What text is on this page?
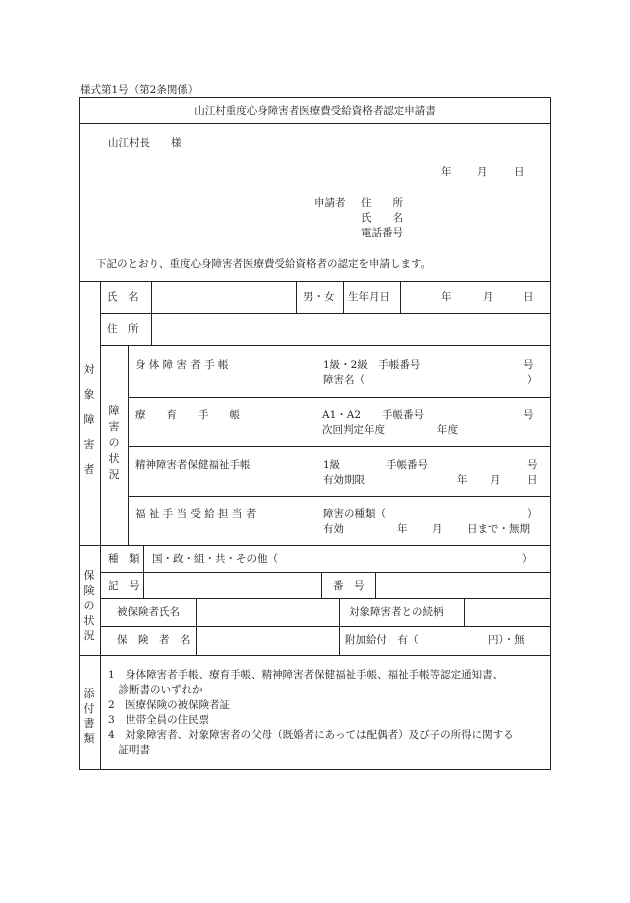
様式第1号（第2条関係）
山江村重度心身障害者医療費受給資格者認定申請書
山江村長　　様
年 月	日
申請者 住　　所
氏　　名
電話番号
下記のとおり、重度心身障害者医療費受給資格者の認定を申請します。
対象障害者
氏　名	男・女 生年月日	年	月	日
住　所
障害の状況
身 体 障 害 者 手 帳	1級・2級　手帳番号	号
障害名（	）
療　　育　　手　　帳	A1・A2　　手帳番号	号
次回判定年度	年度
精神障害者保健福祉手帳	1級	手帳番号	号
有効期限	年 月	日
福 祉 手 当 受 給 担 当 者	障害の種類（	）
有効	年 月 日まで・無期
保険の状況
種　類 国・政・組・共・その他（	）
記　号	番　号
被保険者氏名	対象障害者との続柄
保　険　者　名	附加給付　有（	円）・無
添付書類
1　身体障害者手帳、療育手帳、精神障害者保健福祉手帳、福祉手帳等認定通知書、
　診断書のいずれか
2　医療保険の被保険者証
3　世帯全員の住民票
4　対象障害者、対象障害者の父母（既婚者にあっては配偶者）及び子の所得に関する
　証明書
